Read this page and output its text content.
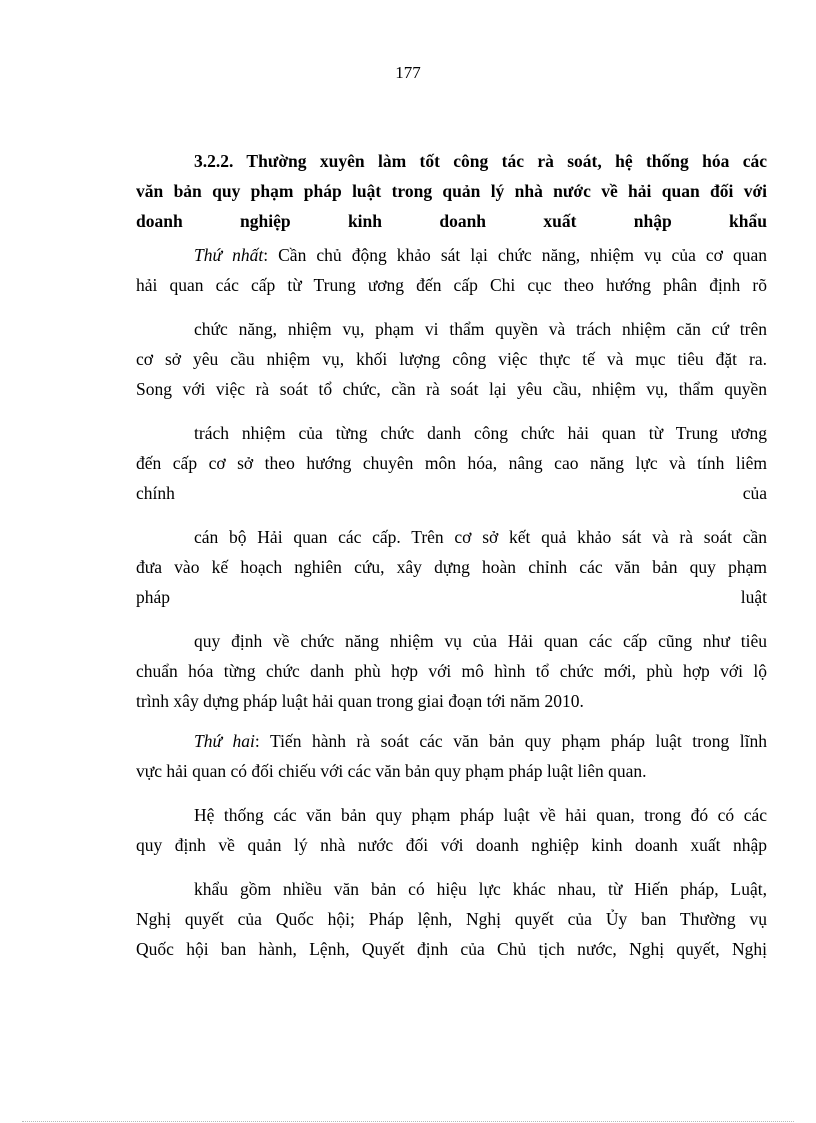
177
3.2.2. Thường xuyên làm tốt công tác rà soát, hệ thống hóa các
văn bản quy phạm pháp luật trong quản lý nhà nước về hải quan đối với
doanh nghiệp kinh doanh xuất nhập khẩu
Thứ nhất: Cần chủ động khảo sát lại chức năng, nhiệm vụ của cơ quan
hải quan các cấp từ Trung ương đến cấp Chi cục theo hướng phân định rõ
chức năng, nhiệm vụ, phạm vi thẩm quyền và trách nhiệm căn cứ trên
cơ sở yêu cầu nhiệm vụ, khối lượng công việc thực tế và mục tiêu đặt ra.
Song với việc rà soát tổ chức, cần rà soát lại yêu cầu, nhiệm vụ, thẩm quyền
trách nhiệm của từng chức danh công chức hải quan từ Trung ương
đến cấp cơ sở theo hướng chuyên môn hóa, nâng cao năng lực và tính liêm
chính của
cán bộ Hải quan các cấp. Trên cơ sở kết quả khảo sát và rà soát cần
đưa vào kế hoạch nghiên cứu, xây dựng hoàn chỉnh các văn bản quy phạm
pháp luật
quy định về chức năng nhiệm vụ của Hải quan các cấp cũng như tiêu
chuẩn hóa từng chức danh phù hợp với mô hình tổ chức mới, phù hợp với lộ
trình xây dựng pháp luật hải quan trong giai đoạn tới năm 2010.
Thứ hai: Tiến hành rà soát các văn bản quy phạm pháp luật trong lĩnh
vực hải quan có đối chiếu với các văn bản quy phạm pháp luật liên quan.
Hệ thống các văn bản quy phạm pháp luật về hải quan, trong đó có các
quy định về quản lý nhà nước đối với doanh nghiệp kinh doanh xuất nhập
khẩu gồm nhiều văn bản có hiệu lực khác nhau, từ Hiến pháp, Luật,
Nghị quyết của Quốc hội; Pháp lệnh, Nghị quyết của Ủy ban Thường vụ
Quốc hội ban hành, Lệnh, Quyết định của Chủ tịch nước, Nghị quyết, Nghị
